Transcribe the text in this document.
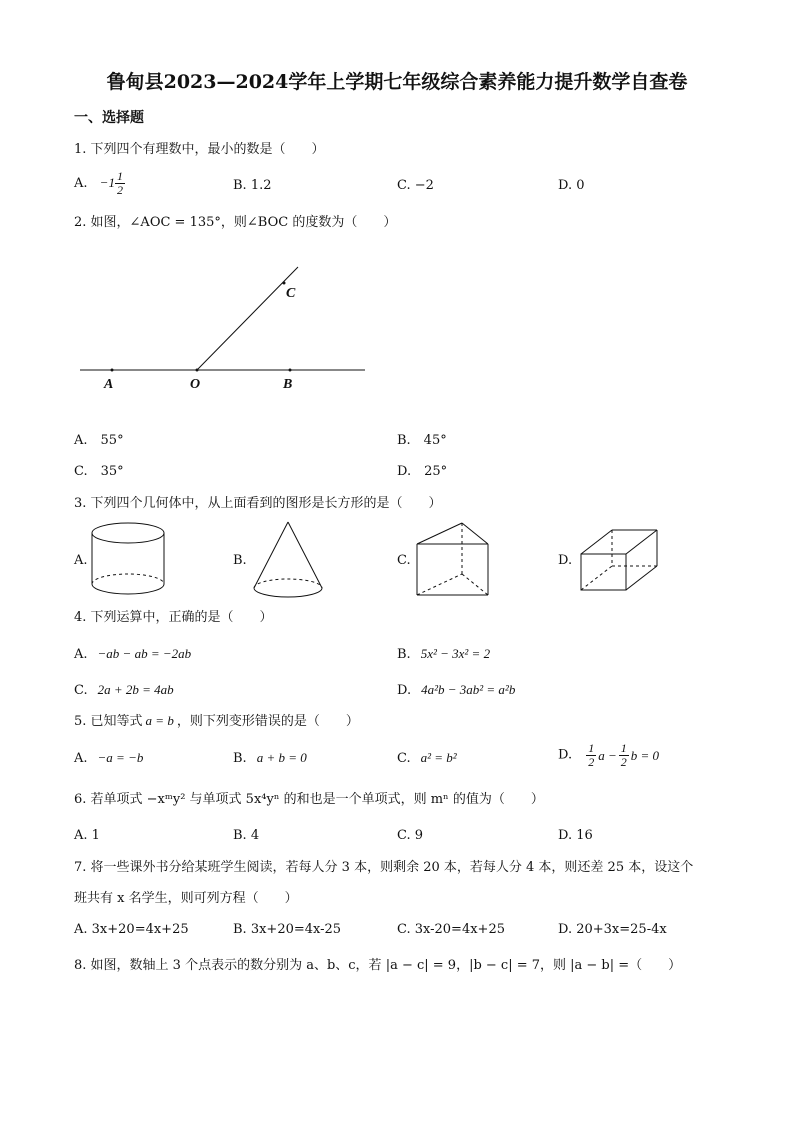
鲁甸县2023—2024学年上学期七年级综合素养能力提升数学自查卷
一、选择题
1. 下列四个有理数中，最小的数是（　　）
A. $-1 \frac{1}{2}$	B. 1.2	C. −2	D. 0
2. 如图，∠AOC = 135°，则∠BOC 的度数为（　　）
A	O	B
C
A.　55°	B.　45°
C.　35°	D.　25°
3. 下列四个几何体中，从上面看到的图形是长方形的是（　　）
A.	B.	C.	D.
4. 下列运算中，正确的是（　　）
A. −ab − ab = −2ab	B. 5x² − 3x² = 2
C. 2a + 2b = 4ab	D. 4a²b − 3ab² = a²b
5. 已知等式 a = b ，则下列变形错误的是（　　）
A. −a = −b	B. a + b = 0	C. a² = b²	D. $\frac{1}{2}$ $a - \frac{1}{2}$ b = 0
6. 若单项式 −xᵐy² 与单项式 5x⁴yⁿ 的和也是一个单项式，则 mⁿ 的值为（　　）
A. 1	B. 4	C. 9	D. 16
7. 将一些课外书分给某班学生阅读，若每人分 3 本，则剩余 20 本，若每人分 4 本，则还差 25 本，设这个
班共有 x 名学生，则可列方程（　　）
A. 3x+20=4x+25	B. 3x+20=4x-25	C. 3x-20=4x+25	D. 20+3x=25-4x
8. 如图，数轴上 3 个点表示的数分别为 a、b、c，若 |a − c| = 9，|b − c| = 7，则 |a − b| =（　　）
